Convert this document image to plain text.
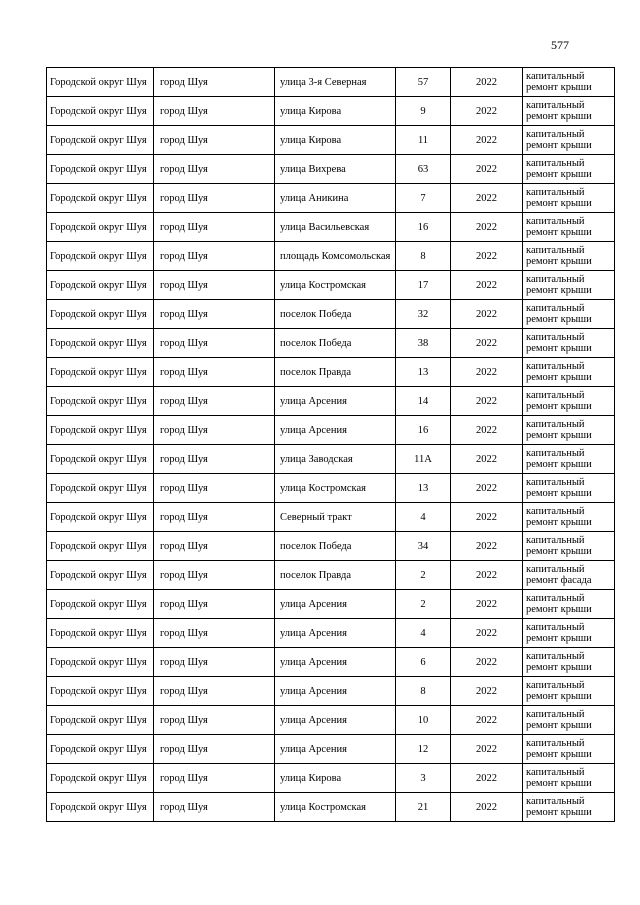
577
Городской округ Шуя	город Шуя	улица 3-я Северная	57	2022	капитальный ремонт крыши
Городской округ Шуя	город Шуя	улица Кирова	9	2022	капитальный ремонт крыши
Городской округ Шуя	город Шуя	улица Кирова	11	2022	капитальный ремонт крыши
Городской округ Шуя	город Шуя	улица Вихрева	63	2022	капитальный ремонт крыши
Городской округ Шуя	город Шуя	улица Аникина	7	2022	капитальный ремонт крыши
Городской округ Шуя	город Шуя	улица Васильевская	16	2022	капитальный ремонт крыши
Городской округ Шуя	город Шуя	площадь Комсомольская	8	2022	капитальный ремонт крыши
Городской округ Шуя	город Шуя	улица Костромская	17	2022	капитальный ремонт крыши
Городской округ Шуя	город Шуя	поселок Победа	32	2022	капитальный ремонт крыши
Городской округ Шуя	город Шуя	поселок Победа	38	2022	капитальный ремонт крыши
Городской округ Шуя	город Шуя	поселок Правда	13	2022	капитальный ремонт крыши
Городской округ Шуя	город Шуя	улица Арсения	14	2022	капитальный ремонт крыши
Городской округ Шуя	город Шуя	улица Арсения	16	2022	капитальный ремонт крыши
Городской округ Шуя	город Шуя	улица Заводская	11А	2022	капитальный ремонт крыши
Городской округ Шуя	город Шуя	улица Костромская	13	2022	капитальный ремонт крыши
Городской округ Шуя	город Шуя	Северный тракт	4	2022	капитальный ремонт крыши
Городской округ Шуя	город Шуя	поселок Победа	34	2022	капитальный ремонт крыши
Городской округ Шуя	город Шуя	поселок Правда	2	2022	капитальный ремонт фасада
Городской округ Шуя	город Шуя	улица Арсения	2	2022	капитальный ремонт крыши
Городской округ Шуя	город Шуя	улица Арсения	4	2022	капитальный ремонт крыши
Городской округ Шуя	город Шуя	улица Арсения	6	2022	капитальный ремонт крыши
Городской округ Шуя	город Шуя	улица Арсения	8	2022	капитальный ремонт крыши
Городской округ Шуя	город Шуя	улица Арсения	10	2022	капитальный ремонт крыши
Городской округ Шуя	город Шуя	улица Арсения	12	2022	капитальный ремонт крыши
Городской округ Шуя	город Шуя	улица Кирова	3	2022	капитальный ремонт крыши
Городской округ Шуя	город Шуя	улица Костромская	21	2022	капитальный ремонт крыши
